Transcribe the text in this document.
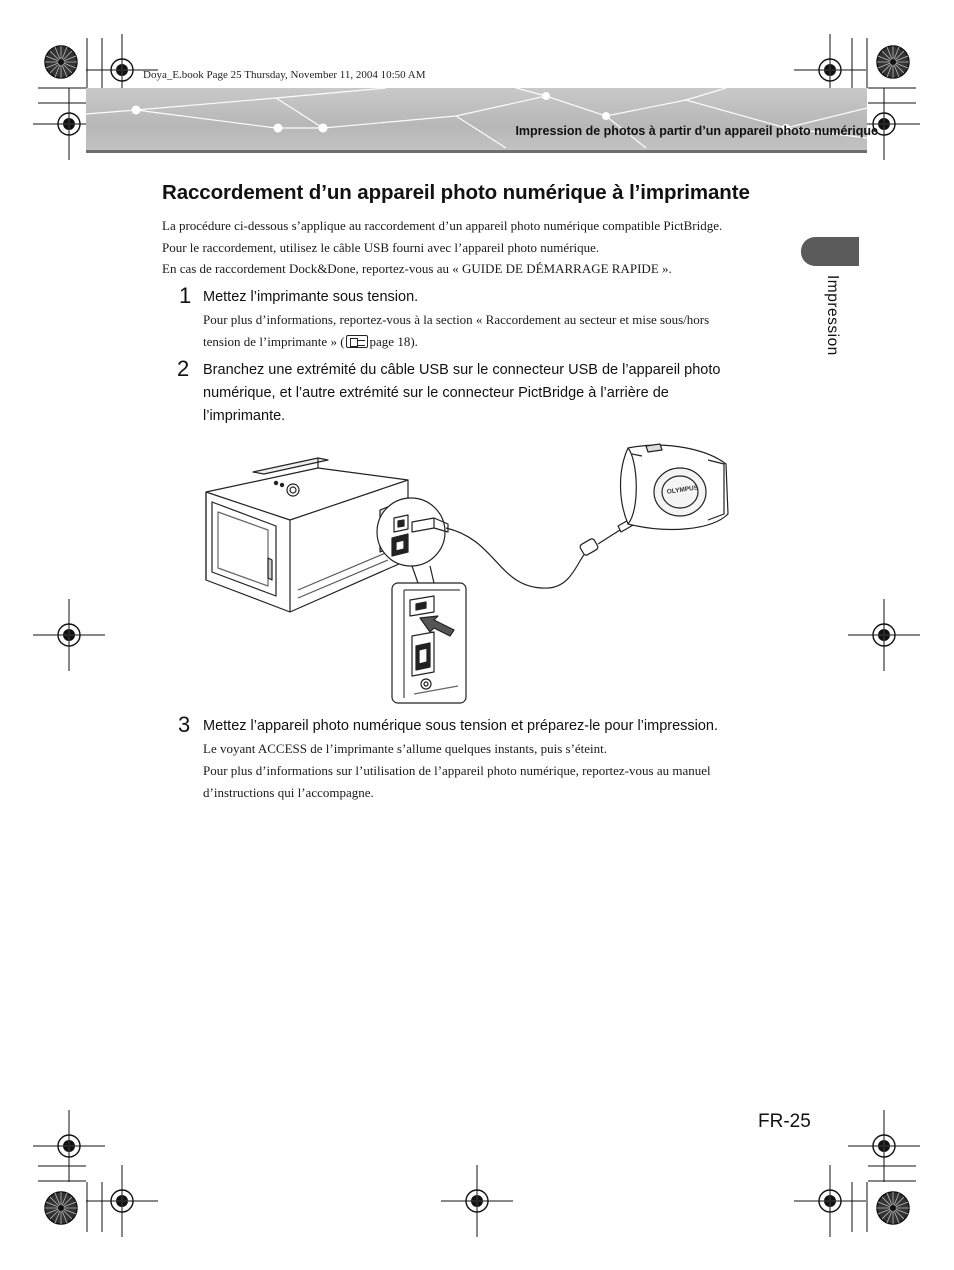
Doya_E.book Page 25 Thursday, November 11, 2004 10:50 AM
Impression de photos à partir d’un appareil photo numérique
Impression
Raccordement d’un appareil photo numérique à l’imprimante
La procédure ci-dessous s’applique au raccordement d’un appareil photo numérique compatible PictBridge.
Pour le raccordement, utilisez le câble USB fourni avec l’appareil photo numérique.
En cas de raccordement Dock&Done, reportez-vous au « GUIDE DE DÉMARRAGE RAPIDE ».
1 Mettez l’imprimante sous tension.
Pour plus d’informations, reportez-vous à la section « Raccordement au secteur et mise sous/hors
tension de l’imprimante » ( page 18).
2 Branchez une extrémité du câble USB sur le connecteur USB de l’appareil photo
numérique, et l’autre extrémité sur le connecteur PictBridge à l’arrière de
l’imprimante.
OLYMPUS
3 Mettez l’appareil photo numérique sous tension et préparez-le pour l’impression.
Le voyant ACCESS de l’imprimante s’allume quelques instants, puis s’éteint.
Pour plus d’informations sur l’utilisation de l’appareil photo numérique, reportez-vous au manuel
d’instructions qui l’accompagne.
FR-25
